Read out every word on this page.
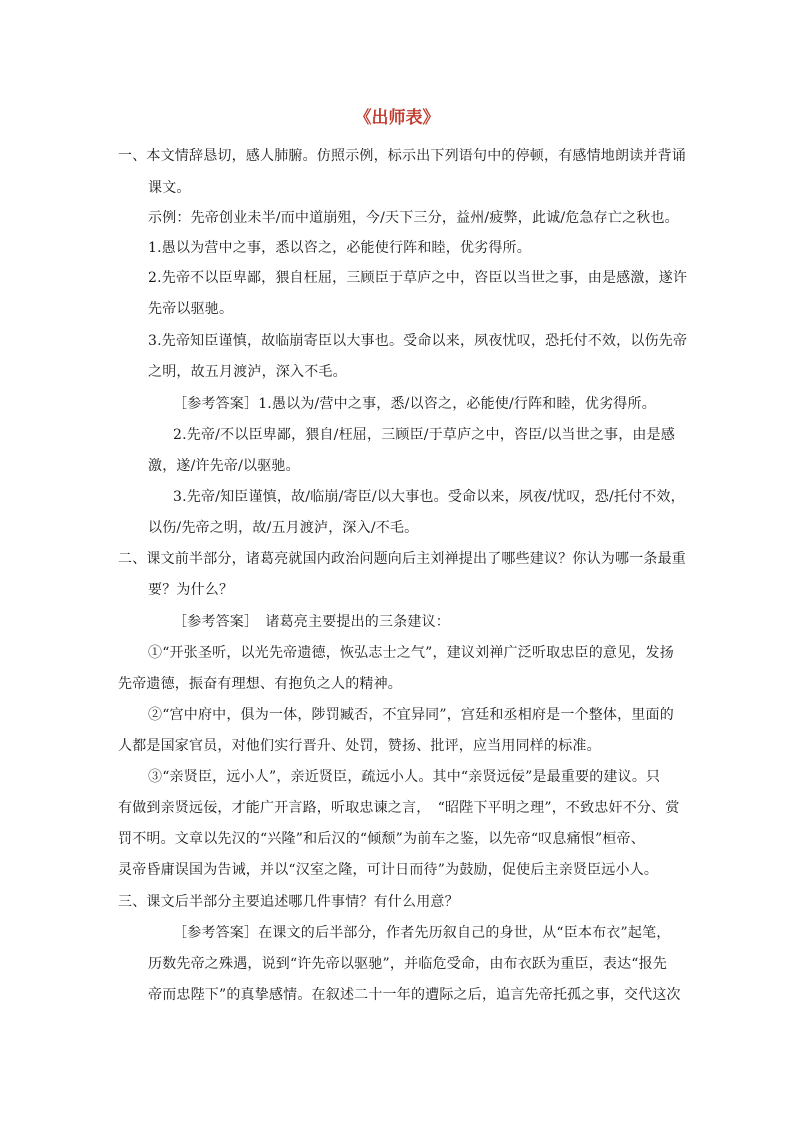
《出师表》
一、本文情辞恳切，感人肺腑。仿照示例，标示出下列语句中的停顿，有感情地朗读并背诵
课文。
示例：先帝创业未半/而中道崩殂，今/天下三分，益州/疲弊，此诚/危急存亡之秋也。
1.愚以为营中之事，悉以咨之，必能使行阵和睦，优劣得所。
2.先帝不以臣卑鄙，猥自枉屈，三顾臣于草庐之中，咨臣以当世之事，由是感激，遂许
先帝以驱驰。
3.先帝知臣谨慎，故临崩寄臣以大事也。受命以来，夙夜忧叹，恐托付不效，以伤先帝
之明，故五月渡泸，深入不毛。
［参考答案］1.愚以为/营中之事，悉/以咨之，必能使/行阵和睦，优劣得所。
2.先帝/不以臣卑鄙，猥自/枉屈，三顾臣/于草庐之中，咨臣/以当世之事，由是感
激，遂/许先帝/以驱驰。
3.先帝/知臣谨慎，故/临崩/寄臣/以大事也。受命以来，夙夜/忧叹，恐/托付不效，
以伤/先帝之明，故/五月渡泸，深入/不毛。
二、课文前半部分，诸葛亮就国内政治问题向后主刘禅提出了哪些建议？你认为哪一条最重
要？为什么？
［参考答案］　诸葛亮主要提出的三条建议：
①“开张圣听，以光先帝遗德，恢弘志士之气”，建议刘禅广泛听取忠臣的意见，发扬
先帝遗德，振奋有理想、有抱负之人的精神。
②“宫中府中，俱为一体，陟罚臧否，不宜异同”，宫廷和丞相府是一个整体，里面的
人都是国家官员，对他们实行晋升、处罚，赞扬、批评，应当用同样的标准。
③“亲贤臣，远小人”，亲近贤臣，疏远小人。其中“亲贤远佞”是最重要的建议。只
有做到亲贤远佞，才能广开言路，听取忠谏之言，　“昭陛下平明之理”，不致忠奸不分、赏
罚不明。文章以先汉的“兴隆”和后汉的“倾颓”为前车之鉴，以先帝“叹息痛恨”桓帝、
灵帝昏庸误国为告诫，并以“汉室之隆，可计日而待”为鼓励，促使后主亲贤臣远小人。
三、课文后半部分主要追述哪几件事情？有什么用意？
［参考答案］在课文的后半部分，作者先历叙自己的身世，从“臣本布衣”起笔，
历数先帝之殊遇，说到“许先帝以驱驰”，并临危受命，由布衣跃为重臣，表达“报先
帝而忠陛下”的真挚感情。在叙述二十一年的遭际之后，追言先帝托孤之事，交代这次
